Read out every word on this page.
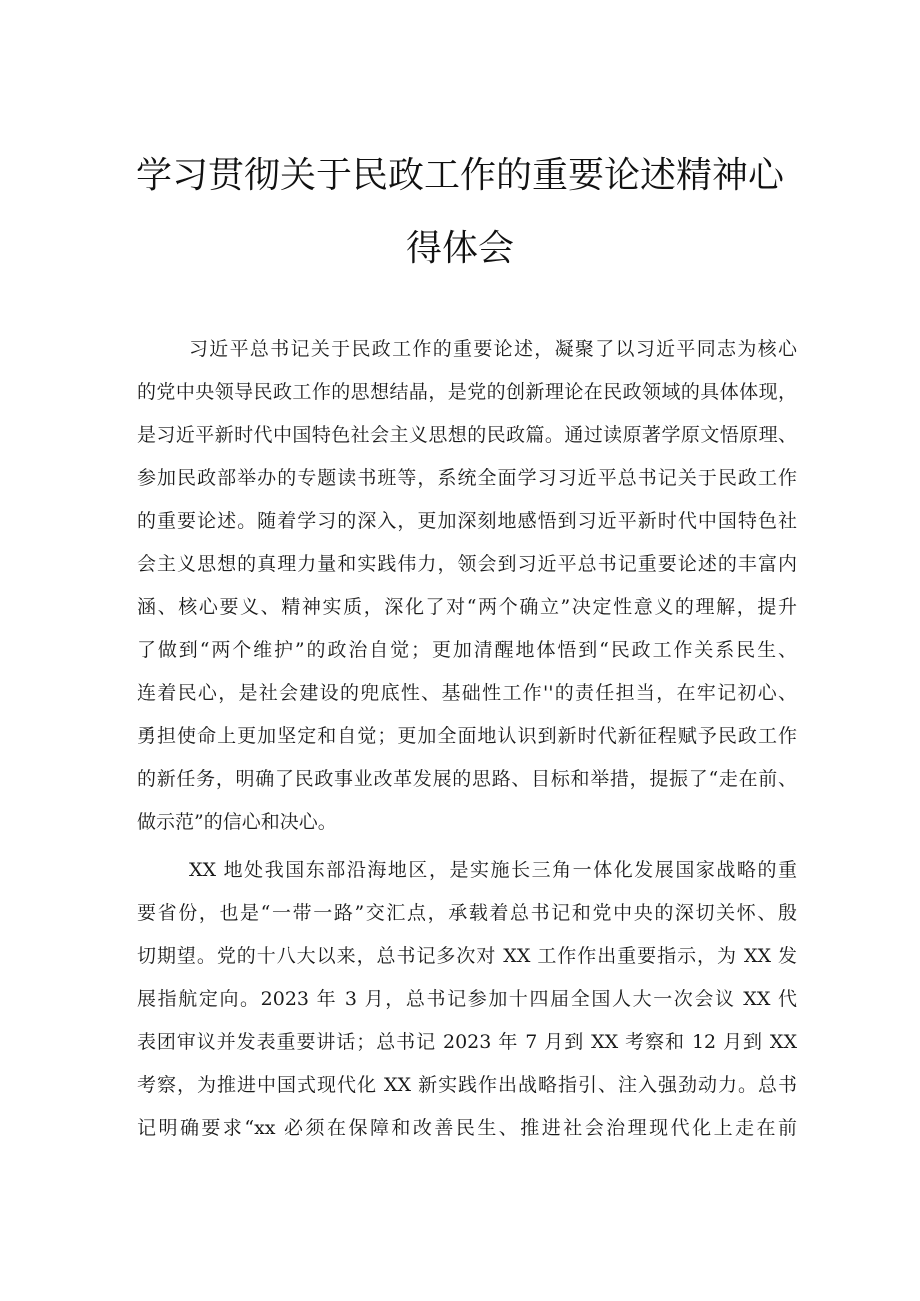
学习贯彻关于民政工作的重要论述精神心
得体会
习近平总书记关于民政工作的重要论述，凝聚了以习近平同志为核心
的党中央领导民政工作的思想结晶，是党的创新理论在民政领域的具体体现，
是习近平新时代中国特色社会主义思想的民政篇。通过读原著学原文悟原理、
参加民政部举办的专题读书班等，系统全面学习习近平总书记关于民政工作
的重要论述。随着学习的深入，更加深刻地感悟到习近平新时代中国特色社
会主义思想的真理力量和实践伟力，领会到习近平总书记重要论述的丰富内
涵、核心要义、精神实质，深化了对“两个确立”决定性意义的理解，提升
了做到“两个维护”的政治自觉；更加清醒地体悟到“民政工作关系民生、
连着民心，是社会建设的兜底性、基础性工作''的责任担当，在牢记初心、
勇担使命上更加坚定和自觉；更加全面地认识到新时代新征程赋予民政工作
的新任务，明确了民政事业改革发展的思路、目标和举措，提振了“走在前、
做示范”的信心和决心。
XX 地处我国东部沿海地区，是实施长三角一体化发展国家战略的重
要省份，也是“一带一路”交汇点，承载着总书记和党中央的深切关怀、殷
切期望。党的十八大以来，总书记多次对 XX 工作作出重要指示，为 XX 发
展指航定向。2023 年 3 月，总书记参加十四届全国人大一次会议 XX 代
表团审议并发表重要讲话；总书记 2023 年 7 月到 XX 考察和 12 月到 XX
考察，为推进中国式现代化 XX 新实践作出战略指引、注入强劲动力。总书
记明确要求“xx 必须在保障和改善民生、推进社会治理现代化上走在前
